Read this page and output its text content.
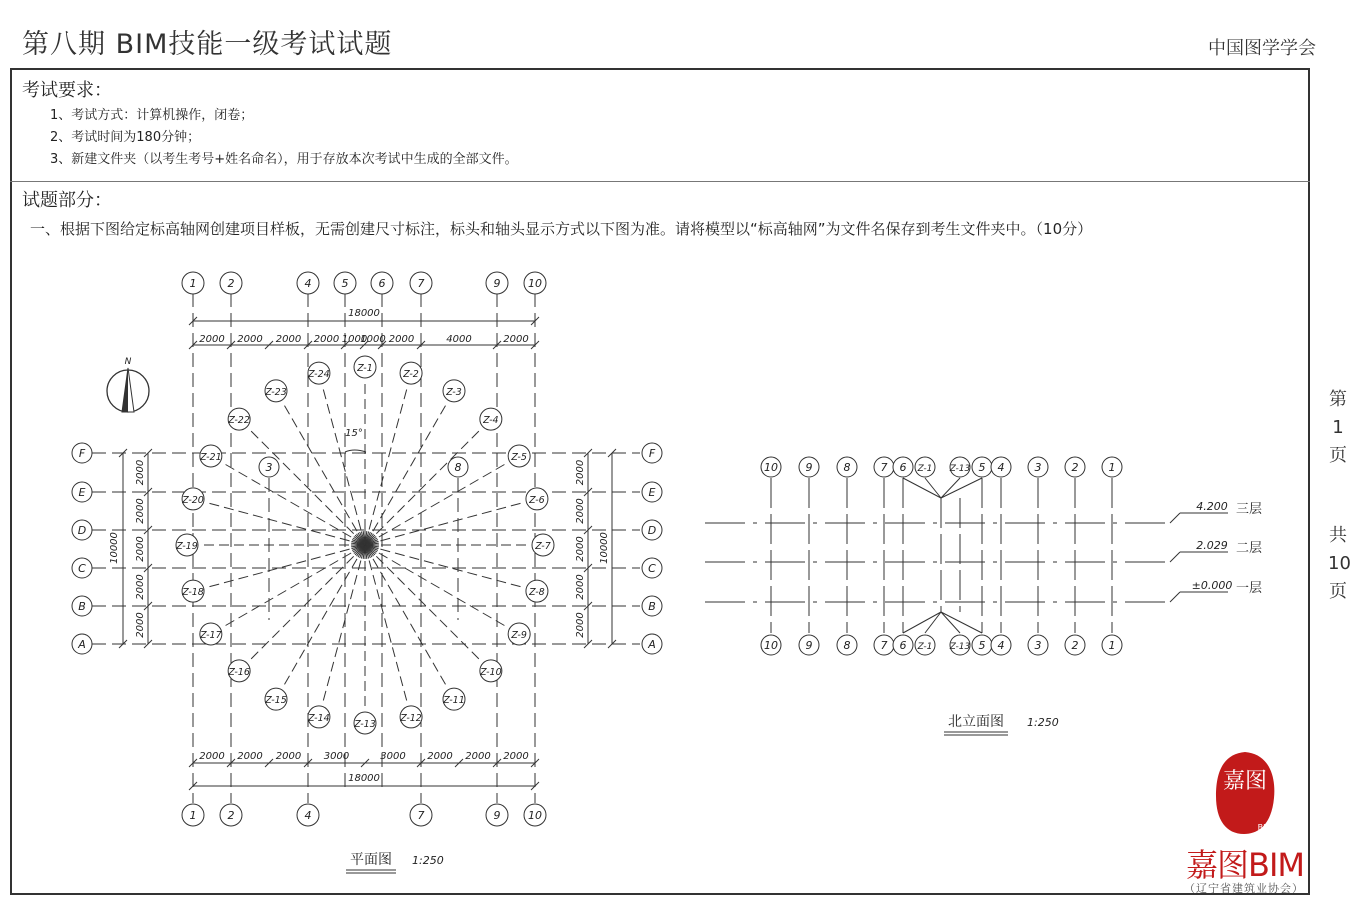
第八期 BIM技能一级考试试题	中国图学学会
考试要求：
1、考试方式：计算机操作，闭卷；
2、考试时间为180分钟；
3、新建文件夹（以考生考号+姓名命名），用于存放本次考试中生成的全部文件。
试题部分：
一、根据下图给定标高轴网创建项目样板，无需创建尺寸标注，标头和轴头显示方式以下图为准。请将模型以“标高轴网”为文件名保存到考生文件夹中。（10分）
第
1
页
共
10
页
Z-1
Z-2
Z-3
Z-4
Z-5
Z-6
Z-7
Z-8
Z-9
Z-10
Z-11
Z-12
Z-13
Z-14
Z-15
Z-16
Z-17
Z-18
Z-19
Z-20
Z-21
Z-22
Z-23
Z-24
15°
3	8
1	2	4	5	6	7	9	10
18000
2000 2000 2000 2000 1000
1000 2000	4000	2000
1	2	4	7	9	10
2000 2000 2000 3000	3000 2000 2000 2000
18000
F	F
E	E
D	D
C	C
B	B
A	A
10000
2000
2000
2000
2000
2000
2000
2000
2000
2000
2000
10000
N
平面图 1:250
10
10
9
9
8
8
7
7
6
6
Z-1
Z-1
Z-13
Z-13
5
5
4
4
3
3
2
2
1
1
4.200 三层
2.029 二层
±0.000 一层
北立面图 1:250
嘉图
BIM
嘉图BIM
（辽宁省建筑业协会）
